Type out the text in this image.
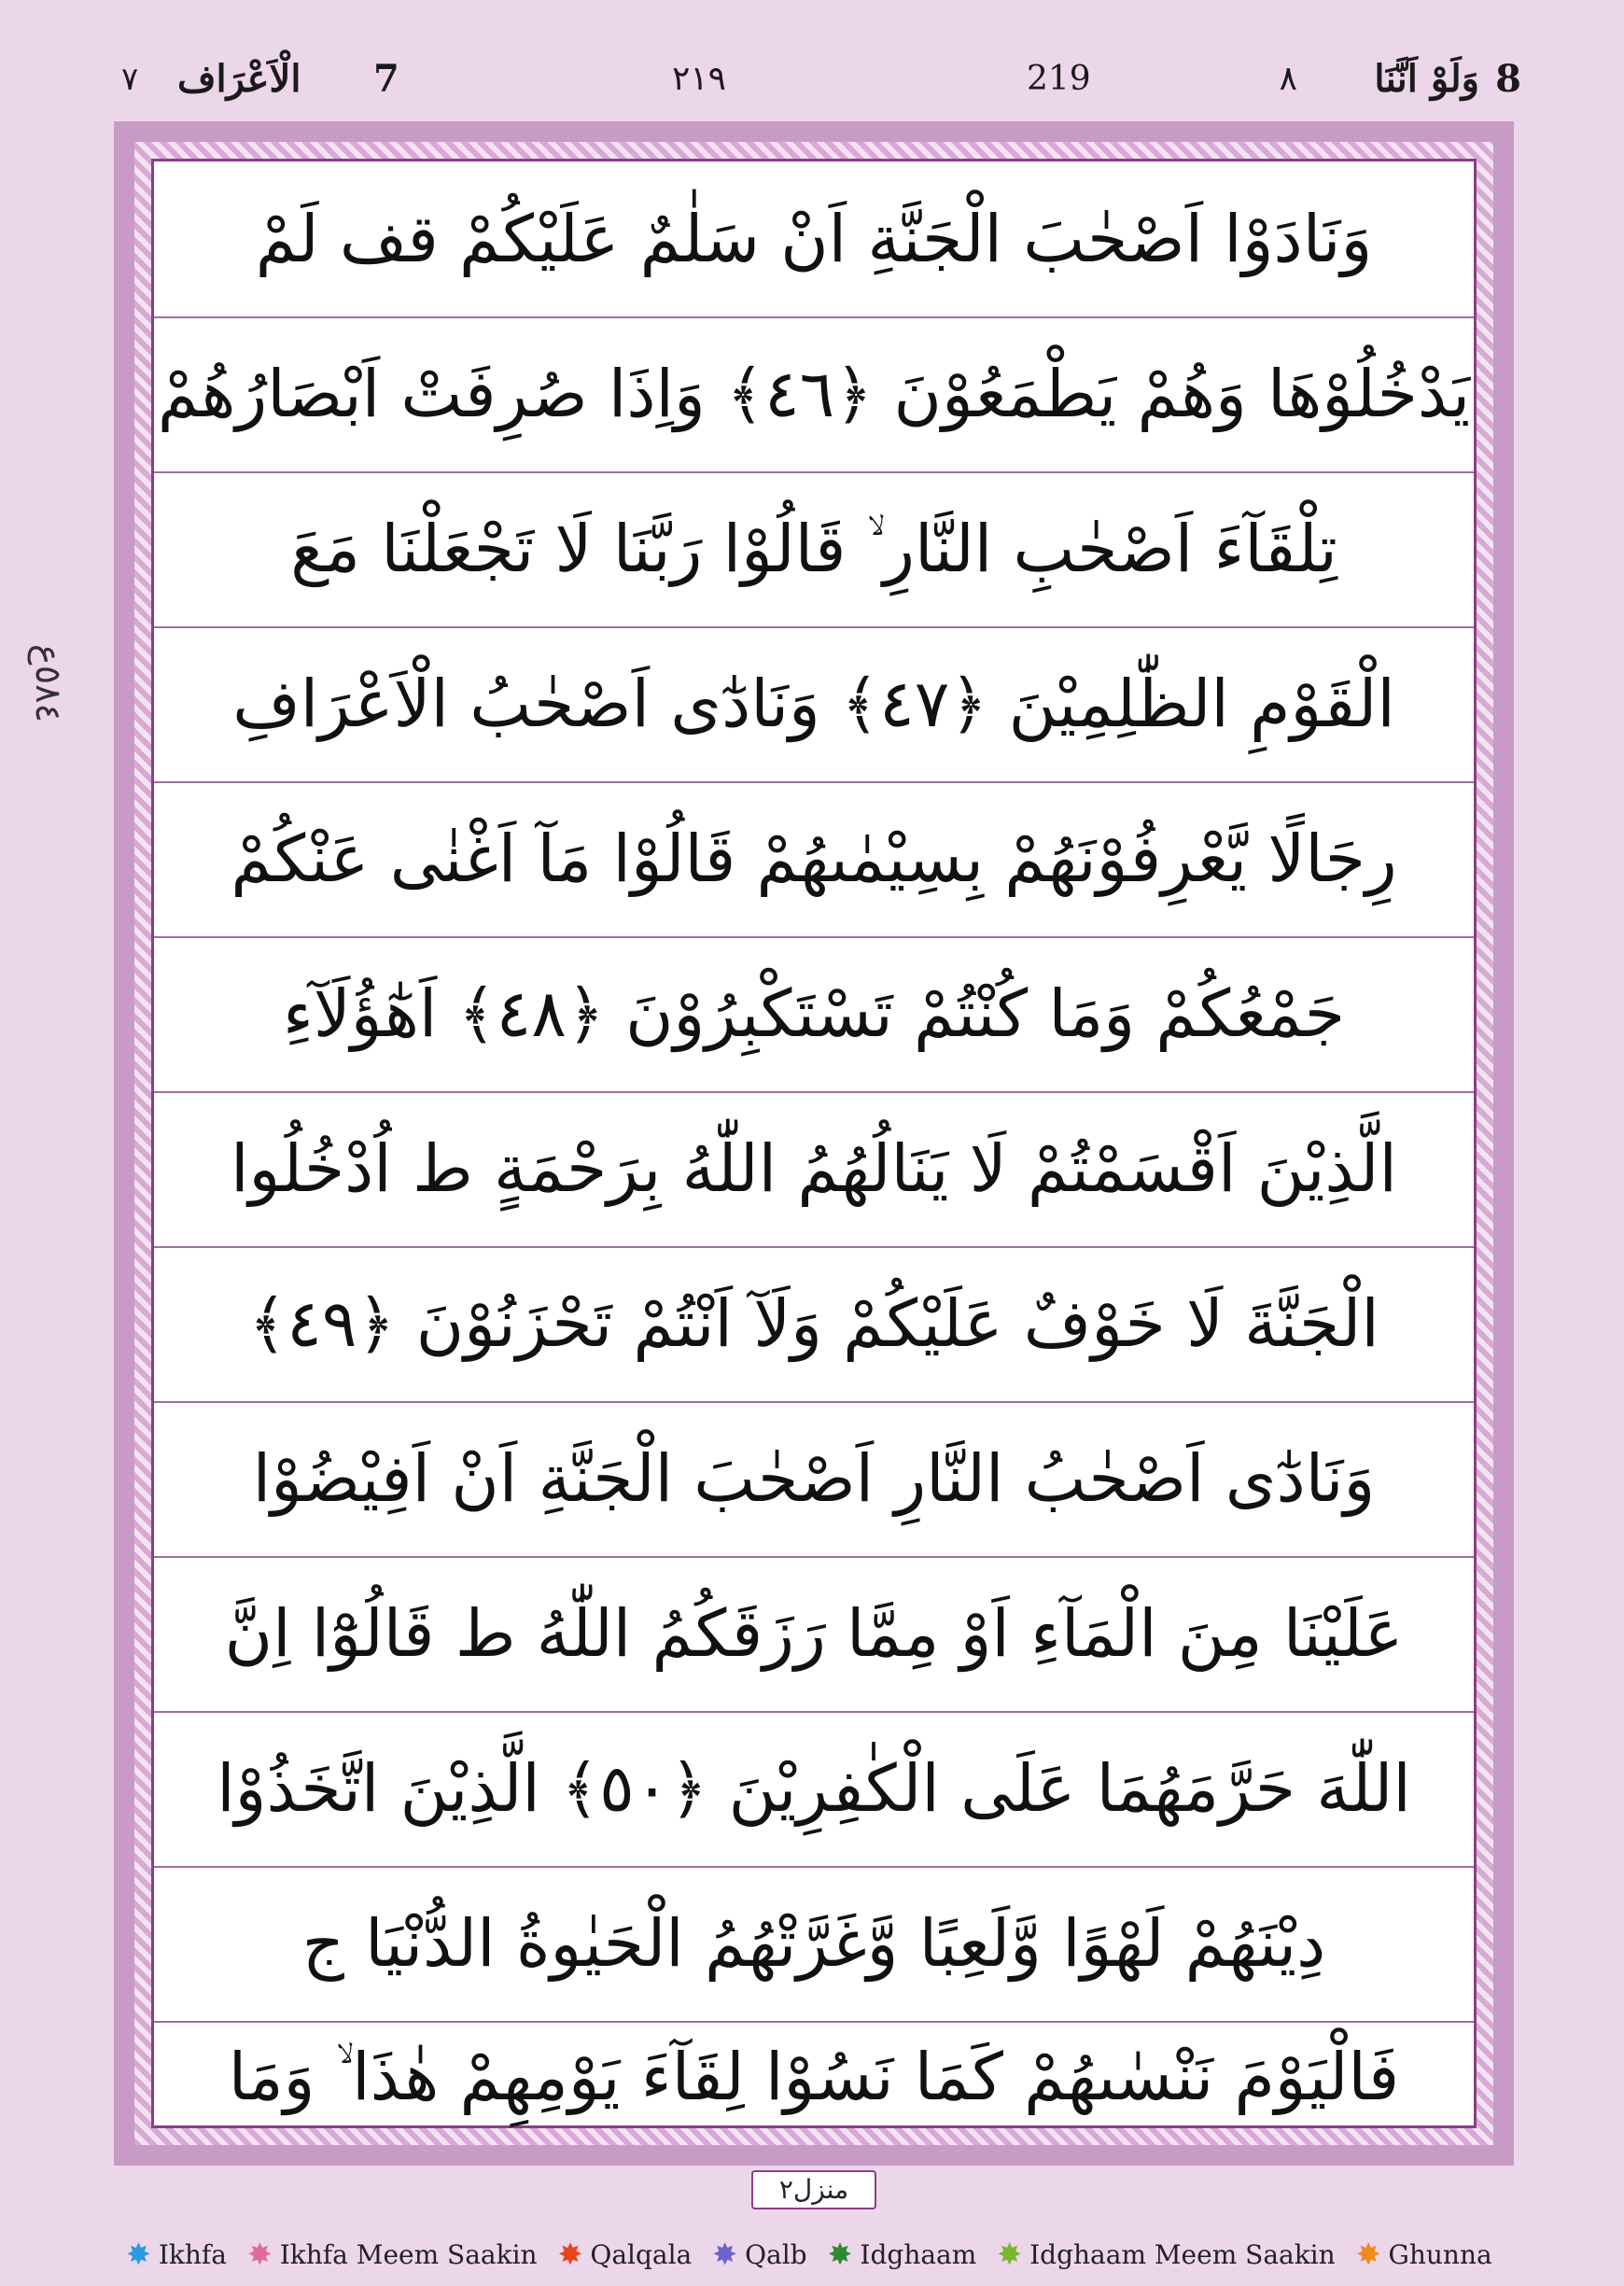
8
وَلَوْ اَنَّنَا
٨
219
٢١٩
7
الْاَعْرَاف
٧
٥٨٤ع
وَنَادَوْا اَصْحٰبَ الْجَنَّةِ اَنْ سَلٰمٌ عَلَيْكُمْ قف لَمْ
يَدْخُلُوْهَا وَهُمْ يَطْمَعُوْنَ ﴿٤٦﴾ وَاِذَا صُرِفَتْ اَبْصَارُهُمْ
تِلْقَآءَ اَصْحٰبِ النَّارِ ۙ قَالُوْا رَبَّنَا لَا تَجْعَلْنَا مَعَ
الْقَوْمِ الظّٰلِمِيْنَ ﴿٤٧﴾ وَنَادٰٓى اَصْحٰبُ الْاَعْرَافِ
رِجَالًا يَّعْرِفُوْنَهُمْ بِسِيْمٰىهُمْ قَالُوْا مَآ اَغْنٰى عَنْكُمْ
جَمْعُكُمْ وَمَا كُنْتُمْ تَسْتَكْبِرُوْنَ ﴿٤٨﴾ اَهٰٓؤُلَآءِ
الَّذِيْنَ اَقْسَمْتُمْ لَا يَنَالُهُمُ اللّٰهُ بِرَحْمَةٍ ط اُدْخُلُوا
الْجَنَّةَ لَا خَوْفٌ عَلَيْكُمْ وَلَآ اَنْتُمْ تَحْزَنُوْنَ ﴿٤٩﴾
وَنَادٰٓى اَصْحٰبُ النَّارِ اَصْحٰبَ الْجَنَّةِ اَنْ اَفِيْضُوْا
عَلَيْنَا مِنَ الْمَآءِ اَوْ مِمَّا رَزَقَكُمُ اللّٰهُ ط قَالُوْٓا اِنَّ
اللّٰهَ حَرَّمَهُمَا عَلَى الْكٰفِرِيْنَ ﴿٥٠﴾ الَّذِيْنَ اتَّخَذُوْا
دِيْنَهُمْ لَهْوًا وَّلَعِبًا وَّغَرَّتْهُمُ الْحَيٰوةُ الدُّنْيَا ج
فَالْيَوْمَ نَنْسٰىهُمْ كَمَا نَسُوْا لِقَآءَ يَوْمِهِمْ هٰذَا ۙ وَمَا
منزل٢
✸ Ikhfa ✸ Ikhfa Meem Saakin ✸ Qalqala ✸ Qalb ✸ Idghaam ✸ Idghaam Meem Saakin ✸ Ghunna
